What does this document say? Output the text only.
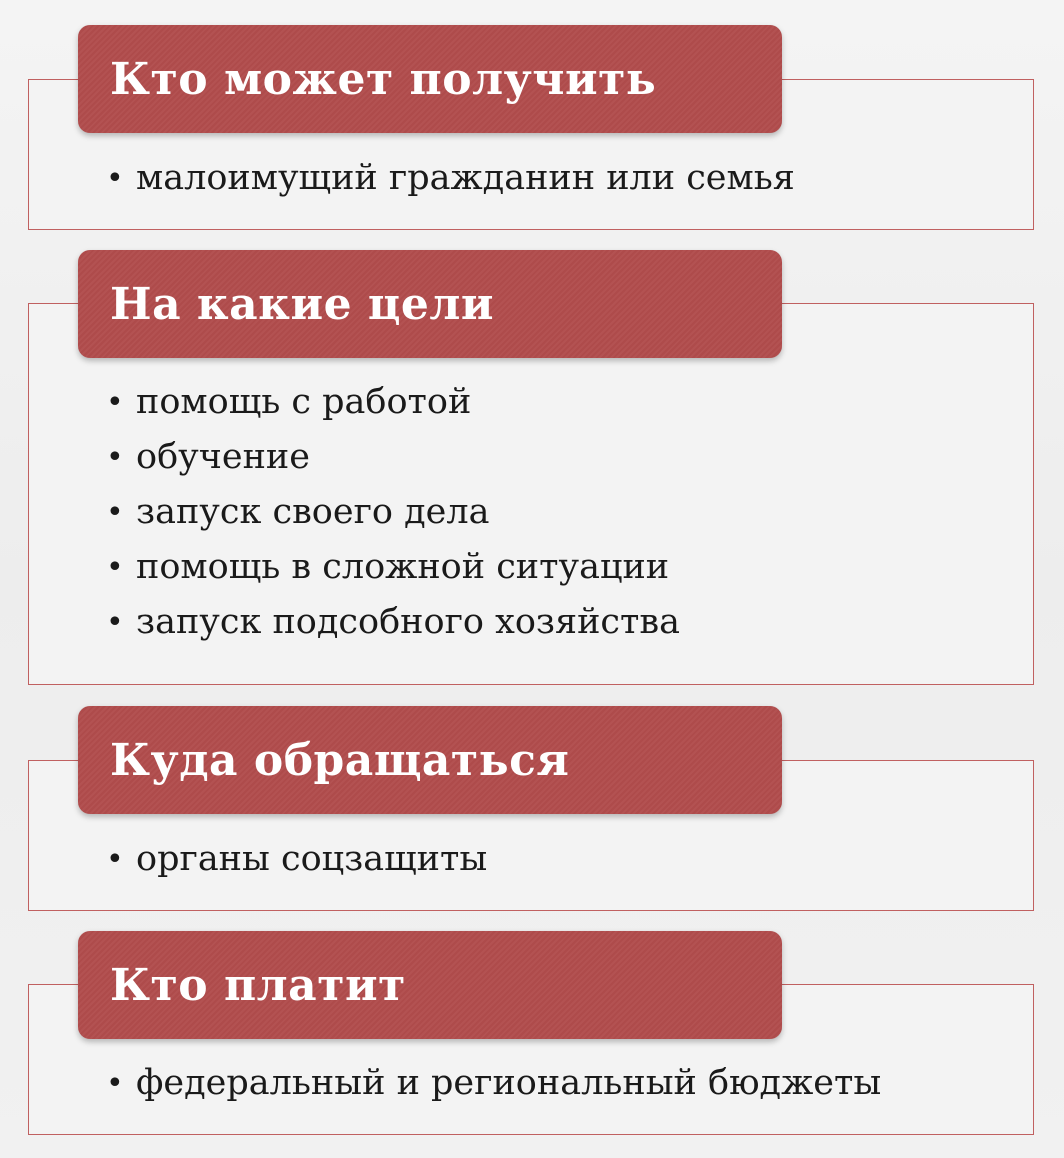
Кто может получить
• малоимущий гражданин или семья
На какие цели
• помощь с работой
• обучение
• запуск своего дела
• помощь в сложной ситуации
• запуск подсобного хозяйства
Куда обращаться
• органы соцзащиты
Кто платит
• федеральный и региональный бюджеты
